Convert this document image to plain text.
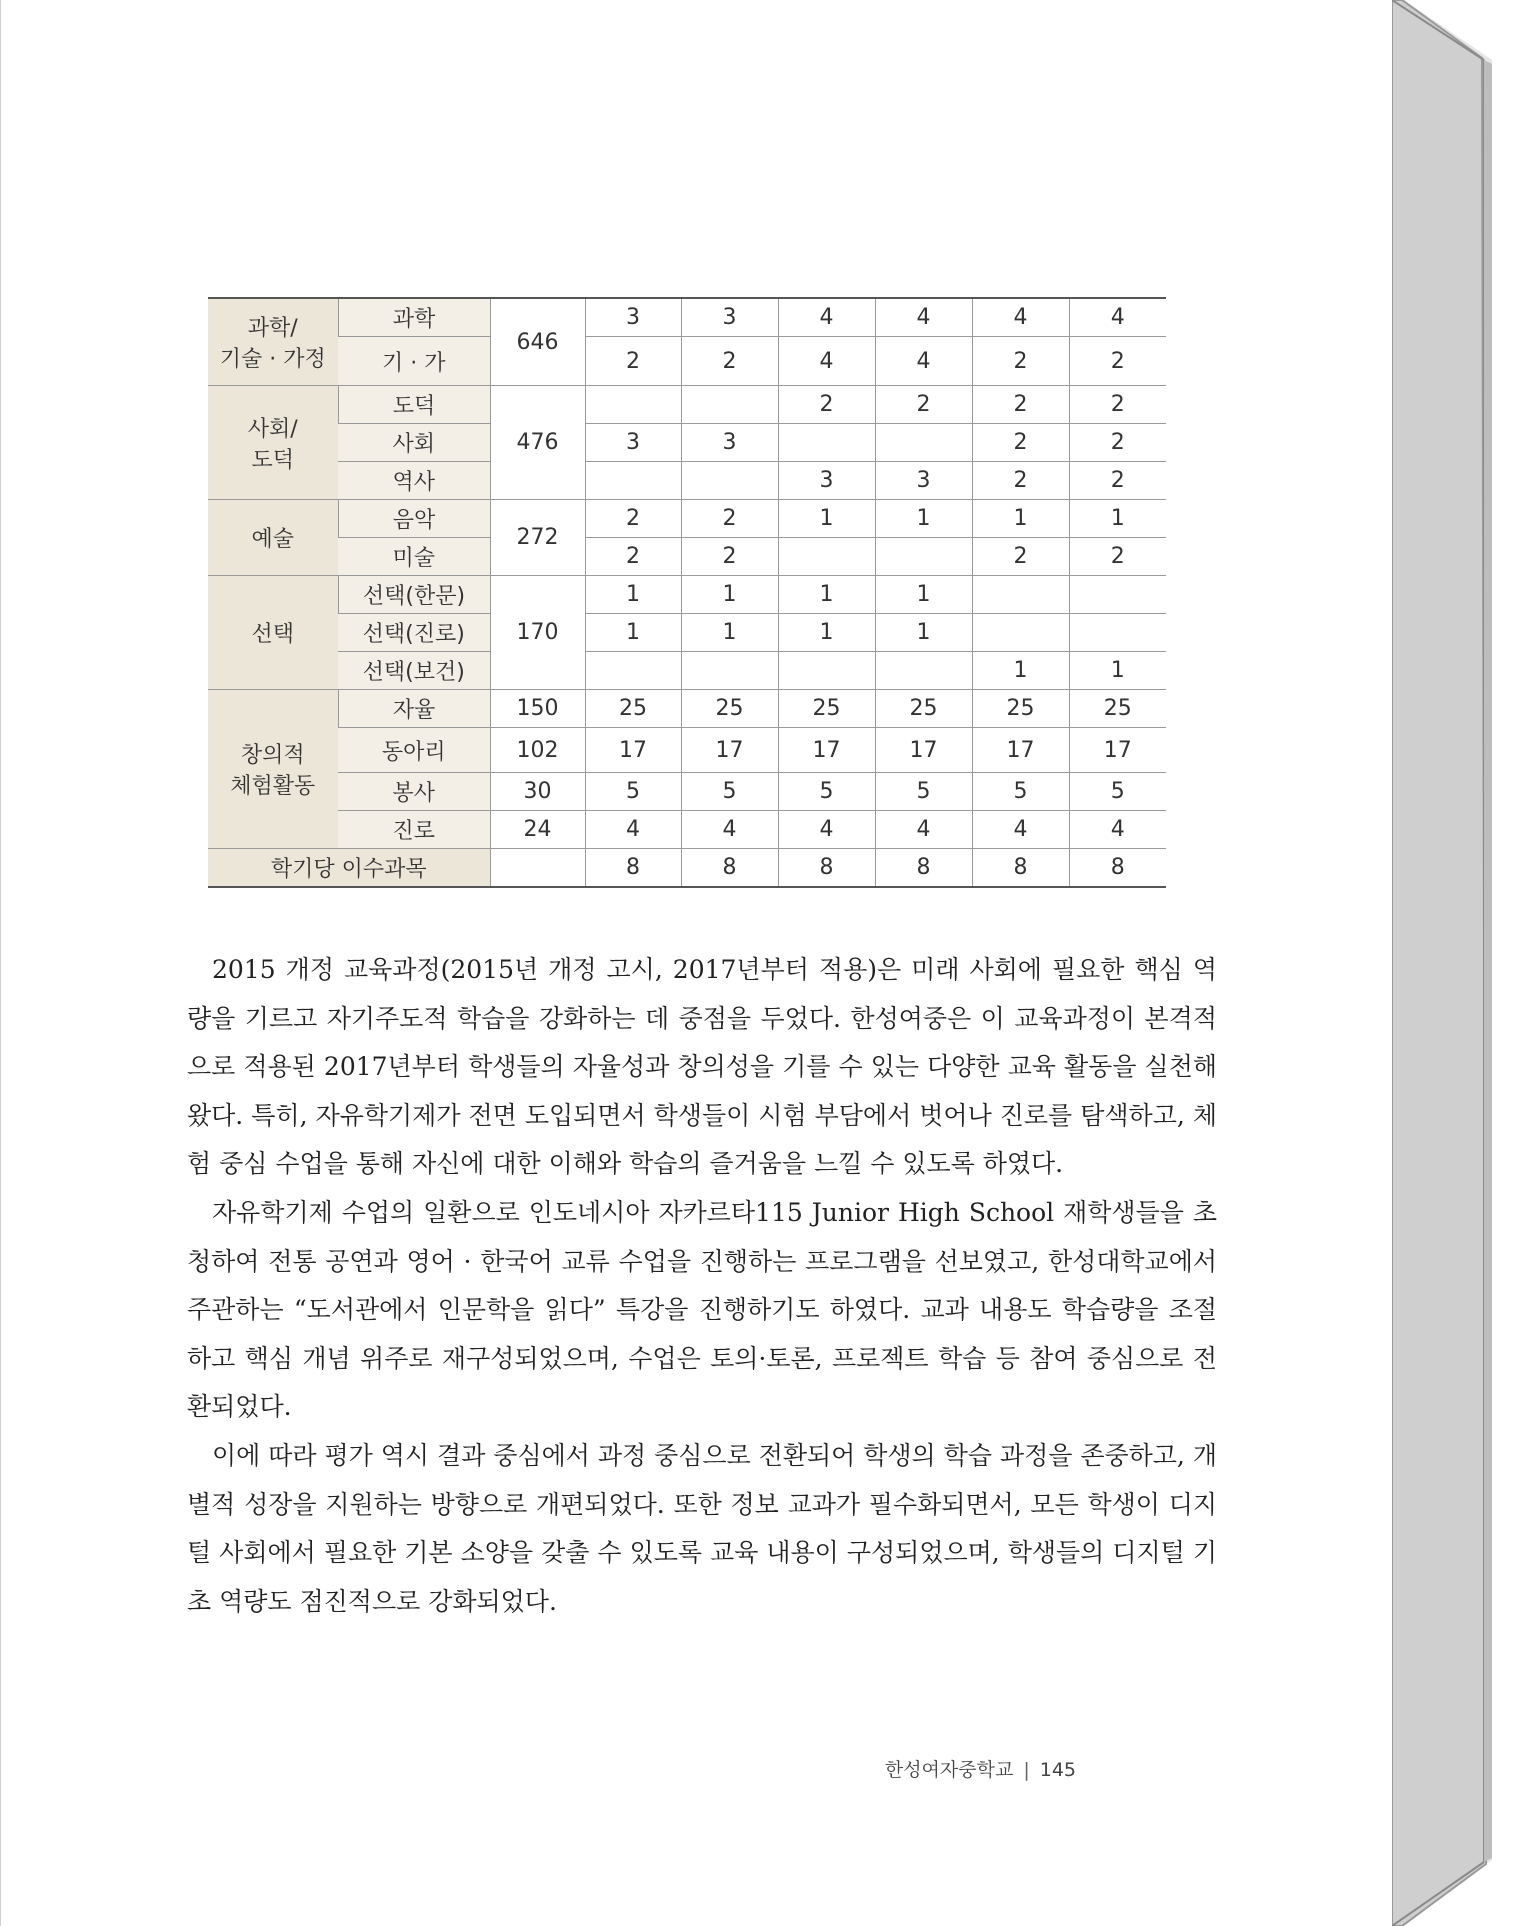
과학/
기술 · 가정	과학	646	3	3	4	4	4	4
	기 · 가		2	2	4	4	2	2
사회/
도덕	도덕	476			2	2	2	2
	사회		3	3			2	2
	역사				3	3	2	2
예술	음악	272	2	2	1	1	1	1
	미술		2	2			2	2
선택	선택(한문)	170	1	1	1	1		
	선택(진로)		1	1	1	1		
	선택(보건)						1	1
창의적
체험활동	자율	150	25	25	25	25	25	25
	동아리	102	17	17	17	17	17	17
	봉사	30	5	5	5	5	5	5
	진로	24	4	4	4	4	4	4
학기당 이수과목			8	8	8	8	8	8

2015 개정 교육과정(2015년 개정 고시, 2017년부터 적용)은 미래 사회에 필요한 핵심 역량을 기르고 자기주도적 학습을 강화하는 데 중점을 두었다. 한성여중은 이 교육과정이 본격적으로 적용된 2017년부터 학생들의 자율성과 창의성을 기를 수 있는 다양한 교육 활동을 실천해왔다. 특히, 자유학기제가 전면 도입되면서 학생들이 시험 부담에서 벗어나 진로를 탐색하고, 체험 중심 수업을 통해 자신에 대한 이해와 학습의 즐거움을 느낄 수 있도록 하였다.

자유학기제 수업의 일환으로 인도네시아 자카르타115 Junior High School 재학생들을 초청하여 전통 공연과 영어 · 한국어 교류 수업을 진행하는 프로그램을 선보였고, 한성대학교에서 주관하는 “도서관에서 인문학을 읽다” 특강을 진행하기도 하였다. 교과 내용도 학습량을 조절하고 핵심 개념 위주로 재구성되었으며, 수업은 토의·토론, 프로젝트 학습 등 참여 중심으로 전환되었다.

이에 따라 평가 역시 결과 중심에서 과정 중심으로 전환되어 학생의 학습 과정을 존중하고, 개별적 성장을 지원하는 방향으로 개편되었다. 또한 정보 교과가 필수화되면서, 모든 학생이 디지털 사회에서 필요한 기본 소양을 갖출 수 있도록 교육 내용이 구성되었으며, 학생들의 디지털 기초 역량도 점진적으로 강화되었다.

한성여자중학교 | 145
